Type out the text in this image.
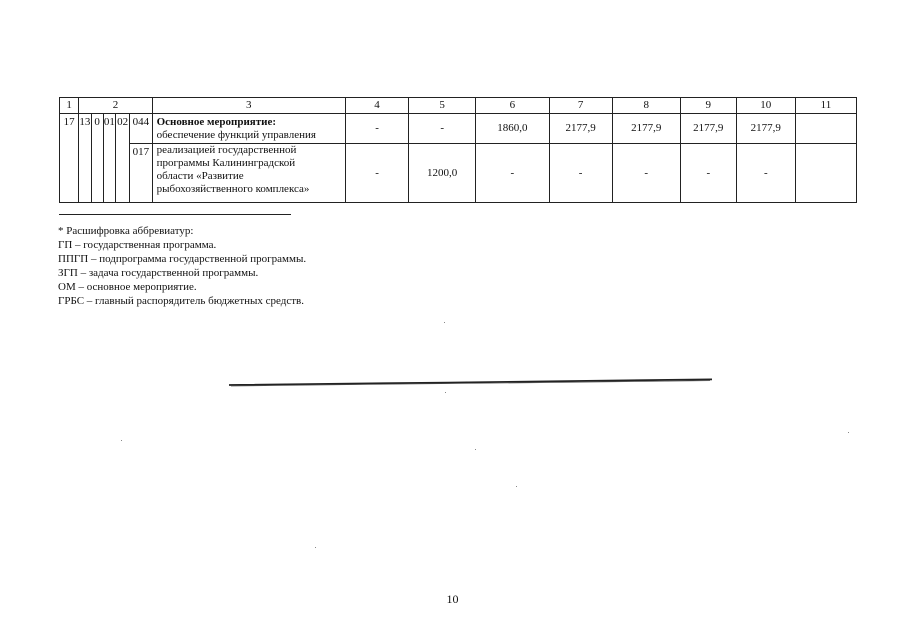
1	2					3	4	5	6	7	8	9	10	11
17	13	0	01	02	044	Основное мероприятие:
обеспечение функций управления	-	-	1860,0	2177,9	2177,9	2177,9	2177,9	
					017	реализацией государственной
программы Калининградской
области «Развитие
рыбохозяйственного комплекса»	-	1200,0	-	-	-	-	-	
* Расшифровка аббревиатур:
ГП – государственная программа.
ППГП – подпрограмма государственной программы.
ЗГП – задача государственной программы.
ОМ – основное мероприятие.
ГРБС – главный распорядитель бюджетных средств.
10
